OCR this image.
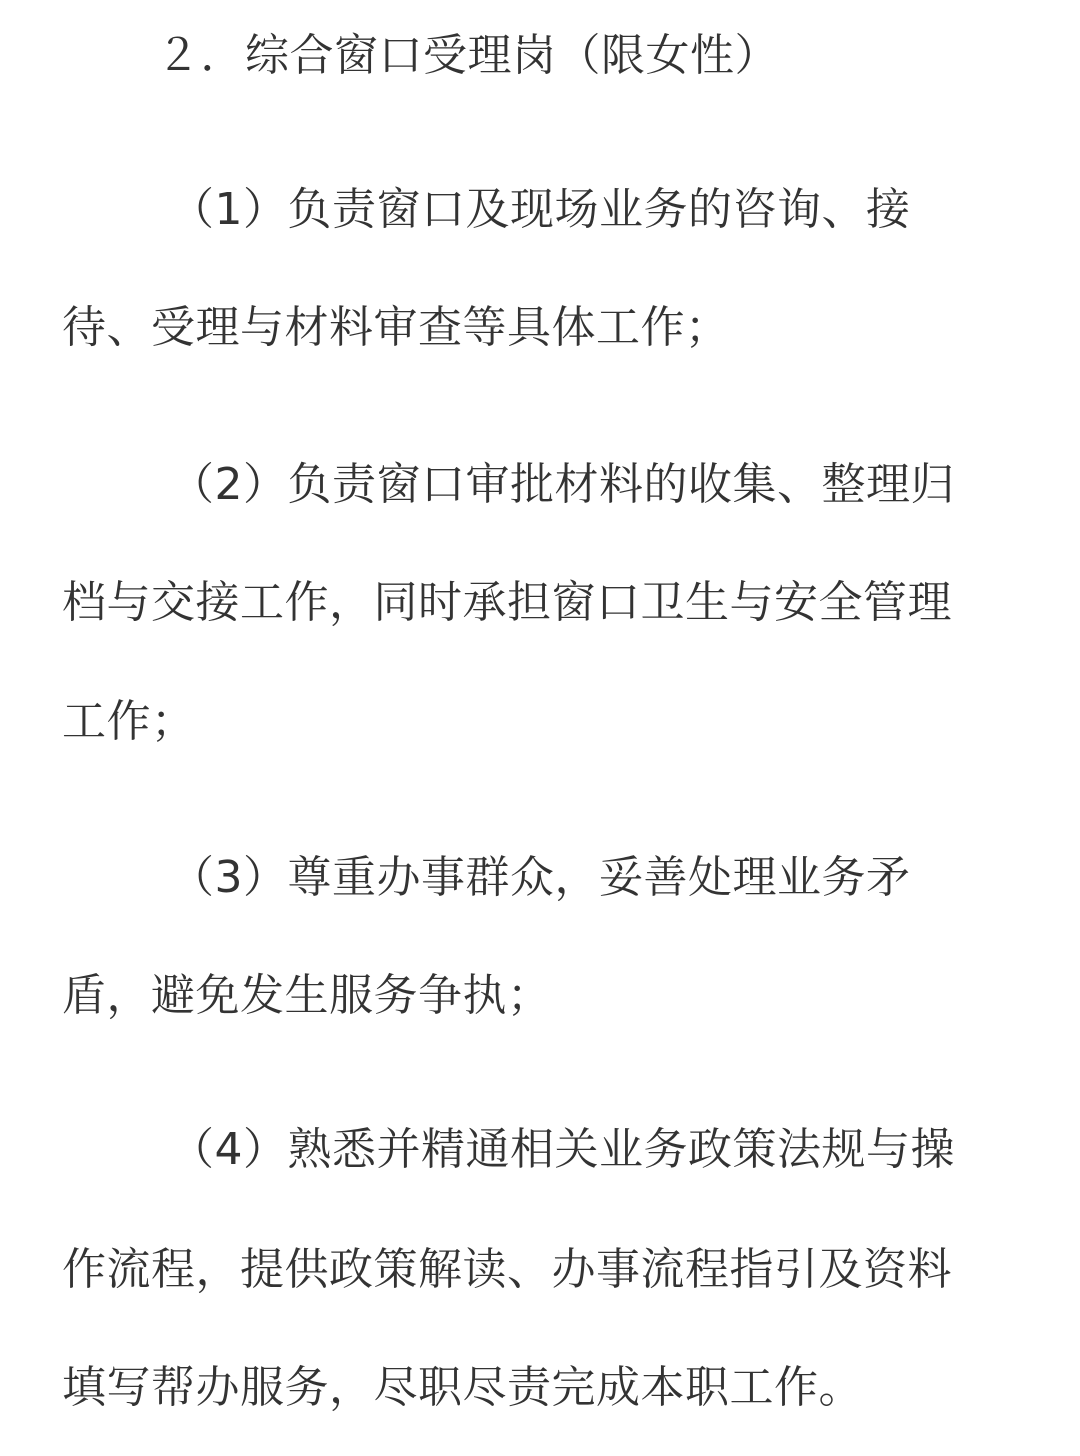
２．综合窗口受理岗（限女性）
（1）负责窗口及现场业务的咨询、接
待、受理与材料审查等具体工作；
（2）负责窗口审批材料的收集、整理归
档与交接工作，同时承担窗口卫生与安全管理
工作；
（3）尊重办事群众，妥善处理业务矛
盾，避免发生服务争执；
（4）熟悉并精通相关业务政策法规与操
作流程，提供政策解读、办事流程指引及资料
填写帮办服务，尽职尽责完成本职工作。
